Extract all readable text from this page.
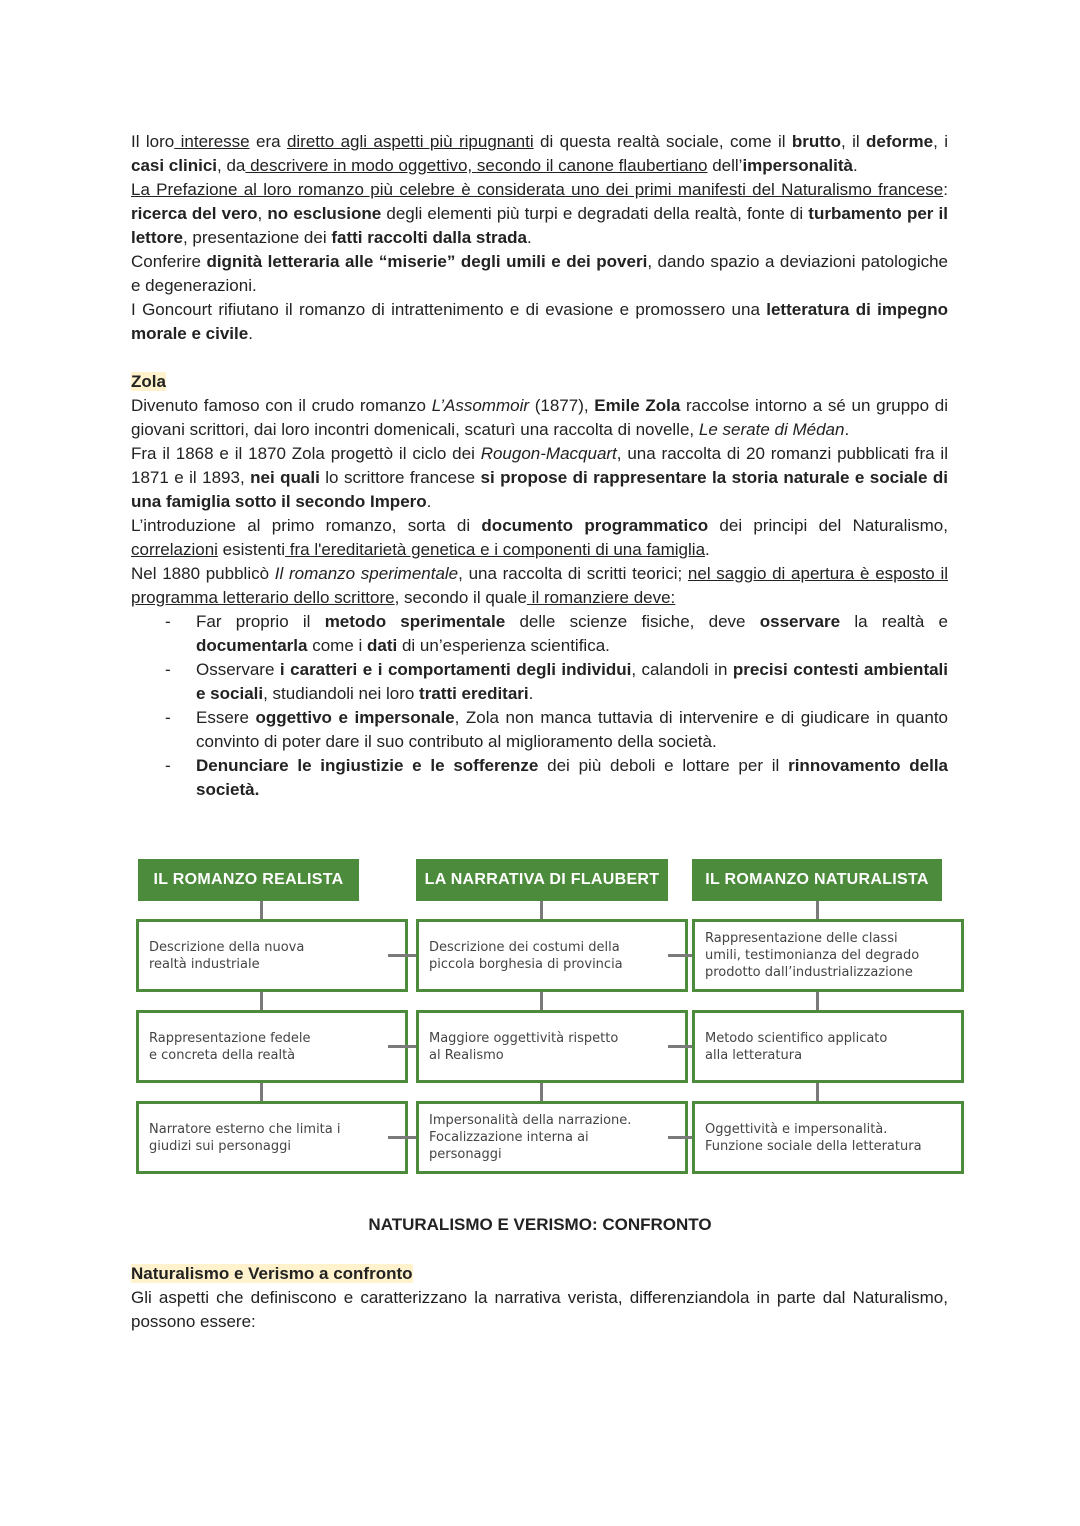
Il loro interesse era diretto agli aspetti più ripugnanti di questa realtà sociale, come il brutto, il deforme, i casi clinici, da descrivere in modo oggettivo, secondo il canone flaubertiano dell’impersonalità.

La Prefazione al loro romanzo più celebre è considerata uno dei primi manifesti del Naturalismo francese: ricerca del vero, no esclusione degli elementi più turpi e degradati della realtà, fonte di turbamento per il lettore, presentazione dei fatti raccolti dalla strada.

Conferire dignità letteraria alle “miserie” degli umili e dei poveri, dando spazio a deviazioni patologiche e degenerazioni.

I Goncourt rifiutano il romanzo di intrattenimento e di evasione e promossero una letteratura di impegno morale e civile.

Zola

Divenuto famoso con il crudo romanzo L’Assommoir (1877), Emile Zola raccolse intorno a sé un gruppo di giovani scrittori, dai loro incontri domenicali, scaturì una raccolta di novelle, Le serate di Médan.

Fra il 1868 e il 1870 Zola progettò il ciclo dei Rougon-Macquart, una raccolta di 20 romanzi pubblicati fra il 1871 e il 1893, nei quali lo scrittore francese si propose di rappresentare la storia naturale e sociale di una famiglia sotto il secondo Impero.

L’introduzione al primo romanzo, sorta di documento programmatico dei principi del Naturalismo, correlazioni esistenti fra l'ereditarietà genetica e i componenti di una famiglia.

Nel 1880 pubblicò Il romanzo sperimentale, una raccolta di scritti teorici; nel saggio di apertura è esposto il programma letterario dello scrittore, secondo il quale il romanziere deve:

- Far proprio il metodo sperimentale delle scienze fisiche, deve osservare la realtà e documentarla come i dati di un’esperienza scientifica.
- Osservare i caratteri e i comportamenti degli individui, calandoli in precisi contesti ambientali e sociali, studiandoli nei loro tratti ereditari.
- Essere oggettivo e impersonale, Zola non manca tuttavia di intervenire e di giudicare in quanto convinto di poter dare il suo contributo al miglioramento della società.
- Denunciare le ingiustizie e le sofferenze dei più deboli e lottare per il rinnovamento della società.
IL ROMANZO REALISTA
Descrizione della nuova
realtà industriale
Rappresentazione fedele
e concreta della realtà
Narratore esterno che limita i
giudizi sui personaggi
LA NARRATIVA DI FLAUBERT
Descrizione dei costumi della
piccola borghesia di provincia
Maggiore oggettività rispetto
al Realismo
Impersonalità della narrazione.
Focalizzazione interna ai
personaggi
IL ROMANZO NATURALISTA
Rappresentazione delle classi
umili, testimonianza del degrado
prodotto dall’industrializzazione
Metodo scientifico applicato
alla letteratura
Oggettività e impersonalità.
Funzione sociale della letteratura
NATURALISMO E VERISMO: CONFRONTO

Naturalismo e Verismo a confronto

Gli aspetti che definiscono e caratterizzano la narrativa verista, differenziandola in parte dal Naturalismo, possono essere:
